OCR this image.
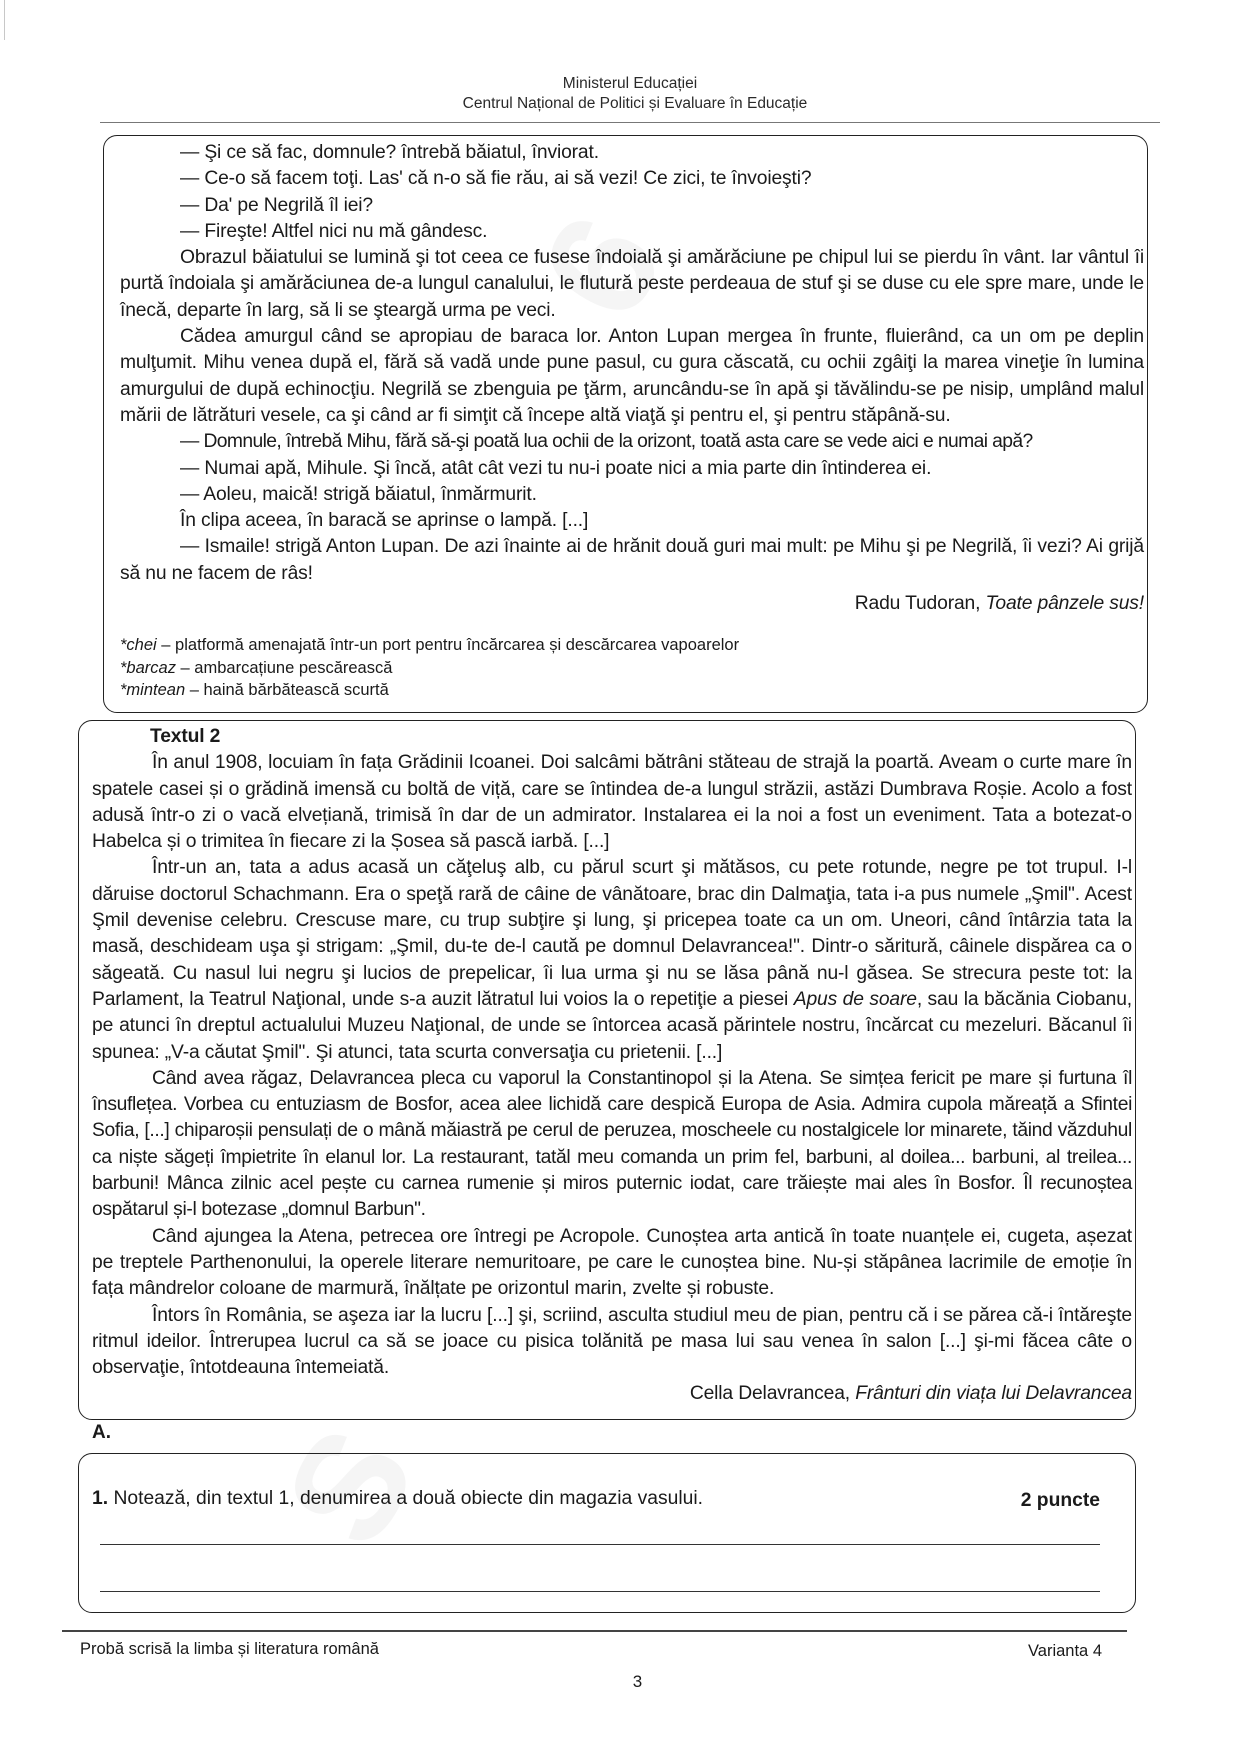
Ministerul Educației
Centrul Național de Politici și Evaluare în Educație

— Şi ce să fac, domnule? întrebă băiatul, înviorat.

— Ce-o să facem toţi. Las' că n-o să fie rău, ai să vezi! Ce zici, te învoieşti?

— Da' pe Negrilă îl iei?

— Fireşte! Altfel nici nu mă gândesc.

Obrazul băiatului se lumină şi tot ceea ce fusese îndoială şi amărăciune pe chipul lui se pierdu în vânt. Iar vântul îi purtă îndoiala şi amărăciunea de-a lungul canalului, le flutură peste perdeaua de stuf şi se duse cu ele spre mare, unde le înecă, departe în larg, să li se şteargă urma pe veci.

Cădea amurgul când se apropiau de baraca lor. Anton Lupan mergea în frunte, fluierând, ca un om pe deplin mulţumit. Mihu venea după el, fără să vadă unde pune pasul, cu gura căscată, cu ochii zgâiţi la marea vineţie în lumina amurgului de după echinocţiu. Negrilă se zbenguia pe ţărm, aruncându-se în apă şi tăvălindu-se pe nisip, umplând malul mării de lătrături vesele, ca şi când ar fi simţit că începe altă viaţă şi pentru el, şi pentru stăpână-su.

— Domnule, întrebă Mihu, fără să-şi poată lua ochii de la orizont, toată asta care se vede aici e numai apă?

— Numai apă, Mihule. Şi încă, atât cât vezi tu nu-i poate nici a mia parte din întinderea ei.

— Aoleu, maică! strigă băiatul, înmărmurit.

În clipa aceea, în baracă se aprinse o lampă. [...]

— Ismaile! strigă Anton Lupan. De azi înainte ai de hrănit două guri mai mult: pe Mihu şi pe Negrilă, îi vezi? Ai grijă să nu ne facem de râs!

Radu Tudoran, Toate pânzele sus!

*chei – platformă amenajată într-un port pentru încărcarea și descărcarea vapoarelor

*barcaz – ambarcațiune pescărească

*mintean – haină bărbătească scurtă

Textul 2

În anul 1908, locuiam în fața Grădinii Icoanei. Doi salcâmi bătrâni stăteau de strajă la poartă. Aveam o curte mare în spatele casei și o grădină imensă cu boltă de viță, care se întindea de-a lungul străzii, astăzi Dumbrava Roșie. Acolo a fost adusă într-o zi o vacă elvețiană, trimisă în dar de un admirator. Instalarea ei la noi a fost un eveniment. Tata a botezat-o Habelca și o trimitea în fiecare zi la Șosea să pască iarbă. [...]

Într-un an, tata a adus acasă un căţeluş alb, cu părul scurt şi mătăsos, cu pete rotunde, negre pe tot trupul. I-l dăruise doctorul Schachmann. Era o speţă rară de câine de vânătoare, brac din Dalmaţia, tata i-a pus numele „Şmil". Acest Şmil devenise celebru. Crescuse mare, cu trup subţire şi lung, şi pricepea toate ca un om. Uneori, când întârzia tata la masă, deschideam uşa şi strigam: „Şmil, du-te de-l caută pe domnul Delavrancea!". Dintr-o săritură, câinele dispărea ca o săgeată. Cu nasul lui negru şi lucios de prepelicar, îi lua urma şi nu se lăsa până nu-l găsea. Se strecura peste tot: la Parlament, la Teatrul Naţional, unde s-a auzit lătratul lui voios la o repetiţie a piesei Apus de soare, sau la băcănia Ciobanu, pe atunci în dreptul actualului Muzeu Naţional, de unde se întorcea acasă părintele nostru, încărcat cu mezeluri. Băcanul îi spunea: „V-a căutat Şmil". Şi atunci, tata scurta conversaţia cu prietenii. [...]

Când avea răgaz, Delavrancea pleca cu vaporul la Constantinopol și la Atena. Se simțea fericit pe mare și furtuna îl însuflețea. Vorbea cu entuziasm de Bosfor, acea alee lichidă care despică Europa de Asia. Admira cupola măreață a Sfintei Sofia, [...] chiparoșii pensulați de o mână măiastră pe cerul de peruzea, moscheele cu nostalgicele lor minarete, tăind văzduhul ca niște săgeți împietrite în elanul lor. La restaurant, tatăl meu comanda un prim fel, barbuni, al doilea... barbuni, al treilea... barbuni! Mânca zilnic acel pește cu carnea rumenie și miros puternic iodat, care trăiește mai ales în Bosfor. Îl recunoștea ospătarul și-l botezase „domnul Barbun".

Când ajungea la Atena, petrecea ore întregi pe Acropole. Cunoștea arta antică în toate nuanțele ei, cugeta, așezat pe treptele Parthenonului, la operele literare nemuritoare, pe care le cunoștea bine. Nu-și stăpânea lacrimile de emoție în fața mândrelor coloane de marmură, înălțate pe orizontul marin, zvelte și robuste.

Întors în România, se aşeza iar la lucru [...] şi, scriind, asculta studiul meu de pian, pentru că i se părea că-i întăreşte ritmul ideilor. Întrerupea lucrul ca să se joace cu pisica tolănită pe masa lui sau venea în salon [...] şi-mi făcea câte o observaţie, întotdeauna întemeiată.

Cella Delavrancea, Frânturi din viața lui Delavrancea

A.
1. Notează, din textul 1, denumirea a două obiecte din magazia vasului.	2 puncte
Probă scrisă la limba și literatura română	Varianta 4
3
